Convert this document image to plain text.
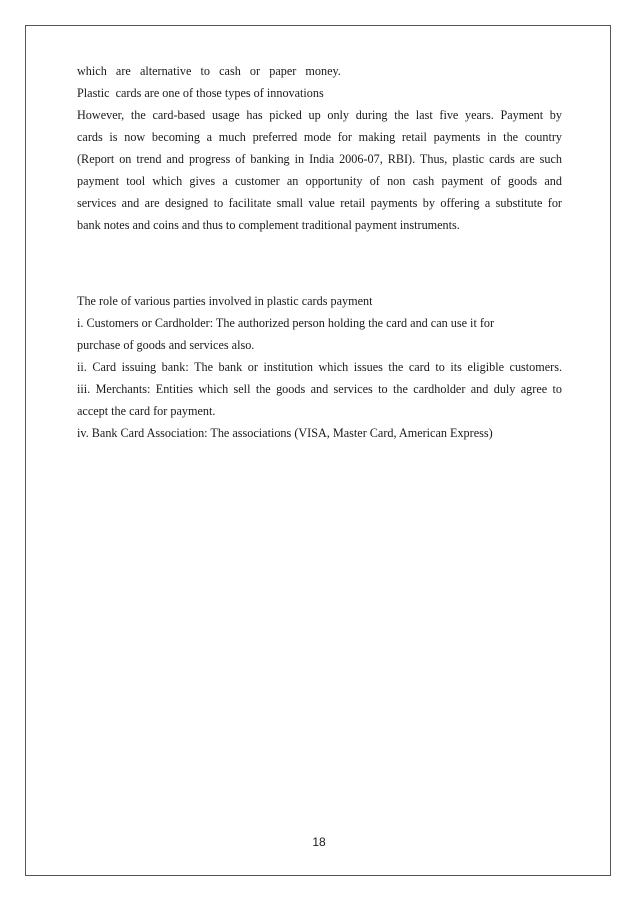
which   are   alternative   to   cash   or   paper   money.
Plastic  cards are one of those types of innovations
However, the card-based usage has picked up only during the last five years. Payment by
cards is now becoming a much preferred mode for making retail payments in the country
(Report on trend and progress of banking in India 2006-07, RBI). Thus, plastic cards are such
payment tool which gives a customer an opportunity of non cash payment of goods and
services and are designed to facilitate small value retail payments by offering a substitute for
bank notes and coins and thus to complement traditional payment instruments.
The role of various parties involved in plastic cards payment
i. Customers or Cardholder: The authorized person holding the card and can use it for
purchase of goods and services also.
ii. Card issuing bank: The bank or institution which issues the card to its eligible customers.
iii. Merchants: Entities which sell the goods and services to the cardholder and duly agree to
accept the card for payment.
iv. Bank Card Association: The associations (VISA, Master Card, American Express)
18
